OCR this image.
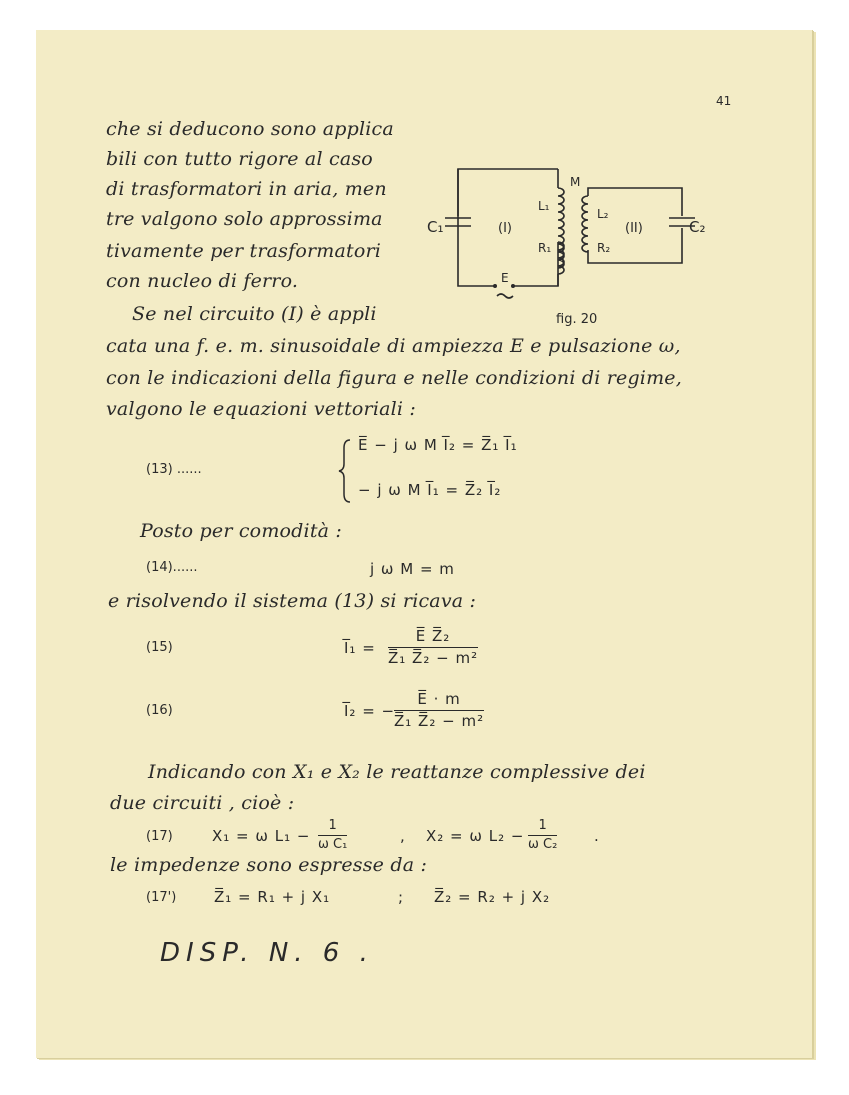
41
che si deducono sono applica
bili con tutto rigore al caso
di trasformatori in aria, men
tre valgono solo approssima
tivamente per trasformatori
con nucleo di ferro.
Se nel circuito (I) è appli
cata una f. e. m. sinusoidale di ampiezza E e pulsazione ω,
con le indicazioni della figura e nelle condizioni di regime,
valgono le equazioni vettoriali :
C₁	(I)
L₁
R₁
M
L₂
R₂
(II)	C₂
E
fig. 20
(13) ......
E̅ − j ω M I̅₂ = Z̅₁ I̅₁
− j ω M I̅₁ = Z̅₂ I̅₂
Posto per comodità :
(14)......	j ω M = m
e risolvendo il sistema (13) si ricava :
(15)	I̅₁ = $\frac{\text{E̅ Z̅₂}}{\text{Z̅₁ Z̅₂ − m²}}$
(16)	I̅₂ = −
$\frac{E̅ \cdot m}{\text{Z̅₁ Z̅₂ − m²}}$
Indicando con X₁ e X₂ le reattanze complessive dei
due circuiti , cioè :
(17)	X₁ = ω $L_1 - \frac{1}{\text{ω C₁}}$	, X₂ = ω $L_2 - \frac{1}{\text{ω C₂}}$ .
le impedenze sono espresse da :
(17')	Z̅₁ = R₁ + j X₁	; Z̅₂ = R₂ + j X₂
DISP. N. 6 .
